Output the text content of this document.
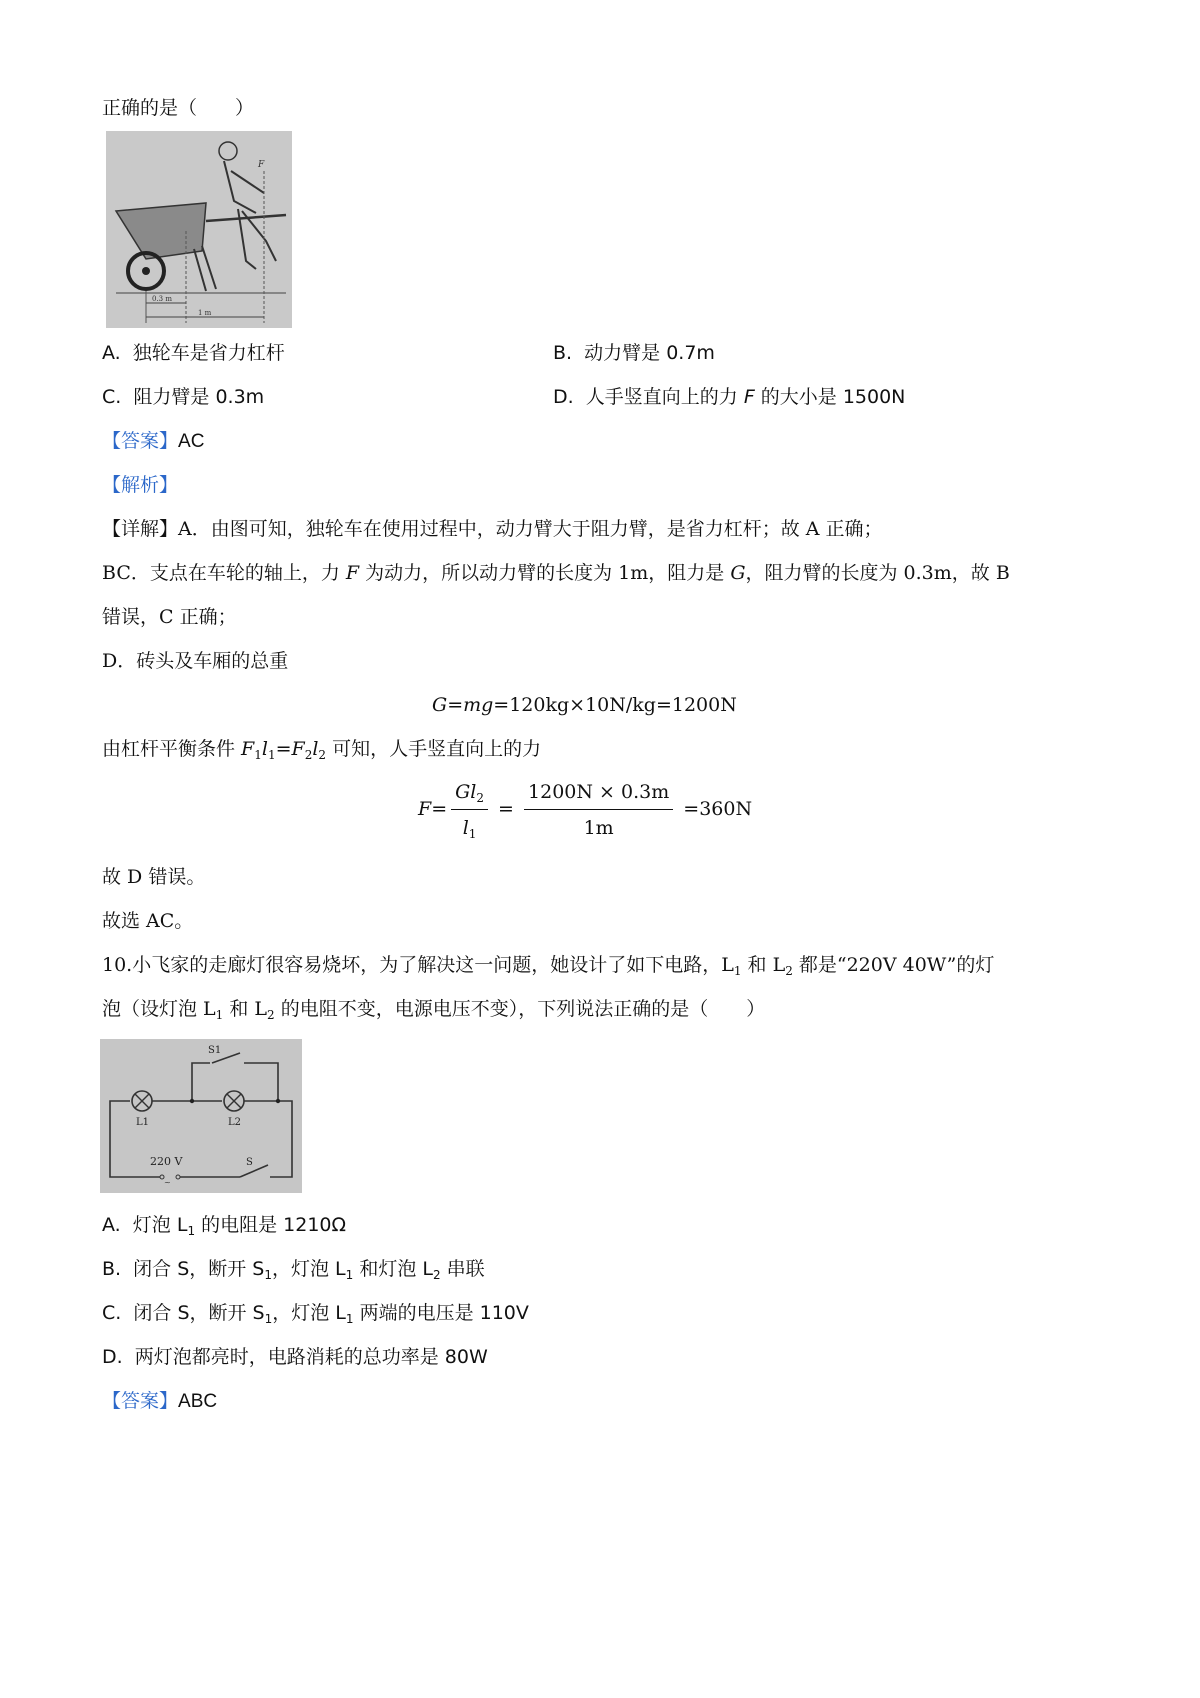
正确的是（　　）
F
0.3 m
1 m
A. 独轮车是省力杠杆	B. 动力臂是 0.7m
C. 阻力臂是 0.3m	D. 人手竖直向上的力 F 的大小是 1500N
【答案】AC
【解析】
【详解】A．由图可知，独轮车在使用过程中，动力臂大于阻力臂，是省力杠杆；故 A 正确；
BC．支点在车轮的轴上，力 F 为动力，所以动力臂的长度为 1m，阻力是 G，阻力臂的长度为 0.3m，故 B
错误，C 正确；
D．砖头及车厢的总重
G=mg=120kg×10N/kg=1200N
由杠杆平衡条件 $F_1l_1=F_2l_2$ 可知，人手竖直向上的力
$F= \frac{Gl_2}{l_1} = \frac{1200N \times 0.3m}{1m} =360N$
故 D 错误。
故选 AC。
10.小飞家的走廊灯很容易烧坏，为了解决这一问题，她设计了如下电路，$L_1$ 和 $L_2$ 都是“220V 40W”的灯
泡（设灯泡 $L_1$ 和 $L_2$ 的电阻不变，电源电压不变），下列说法正确的是（　　）
~
S1
L1	L2
220 V	S
A. 灯泡 $L_1$ 的电阻是 1210Ω
B. 闭合 S，断开 $S_1$，灯泡 $L_1$ 和灯泡 $L_2$ 串联
C. 闭合 S，断开 $S_1$，灯泡 $L_1$ 两端的电压是 110V
D. 两灯泡都亮时，电路消耗的总功率是 80W
【答案】ABC
